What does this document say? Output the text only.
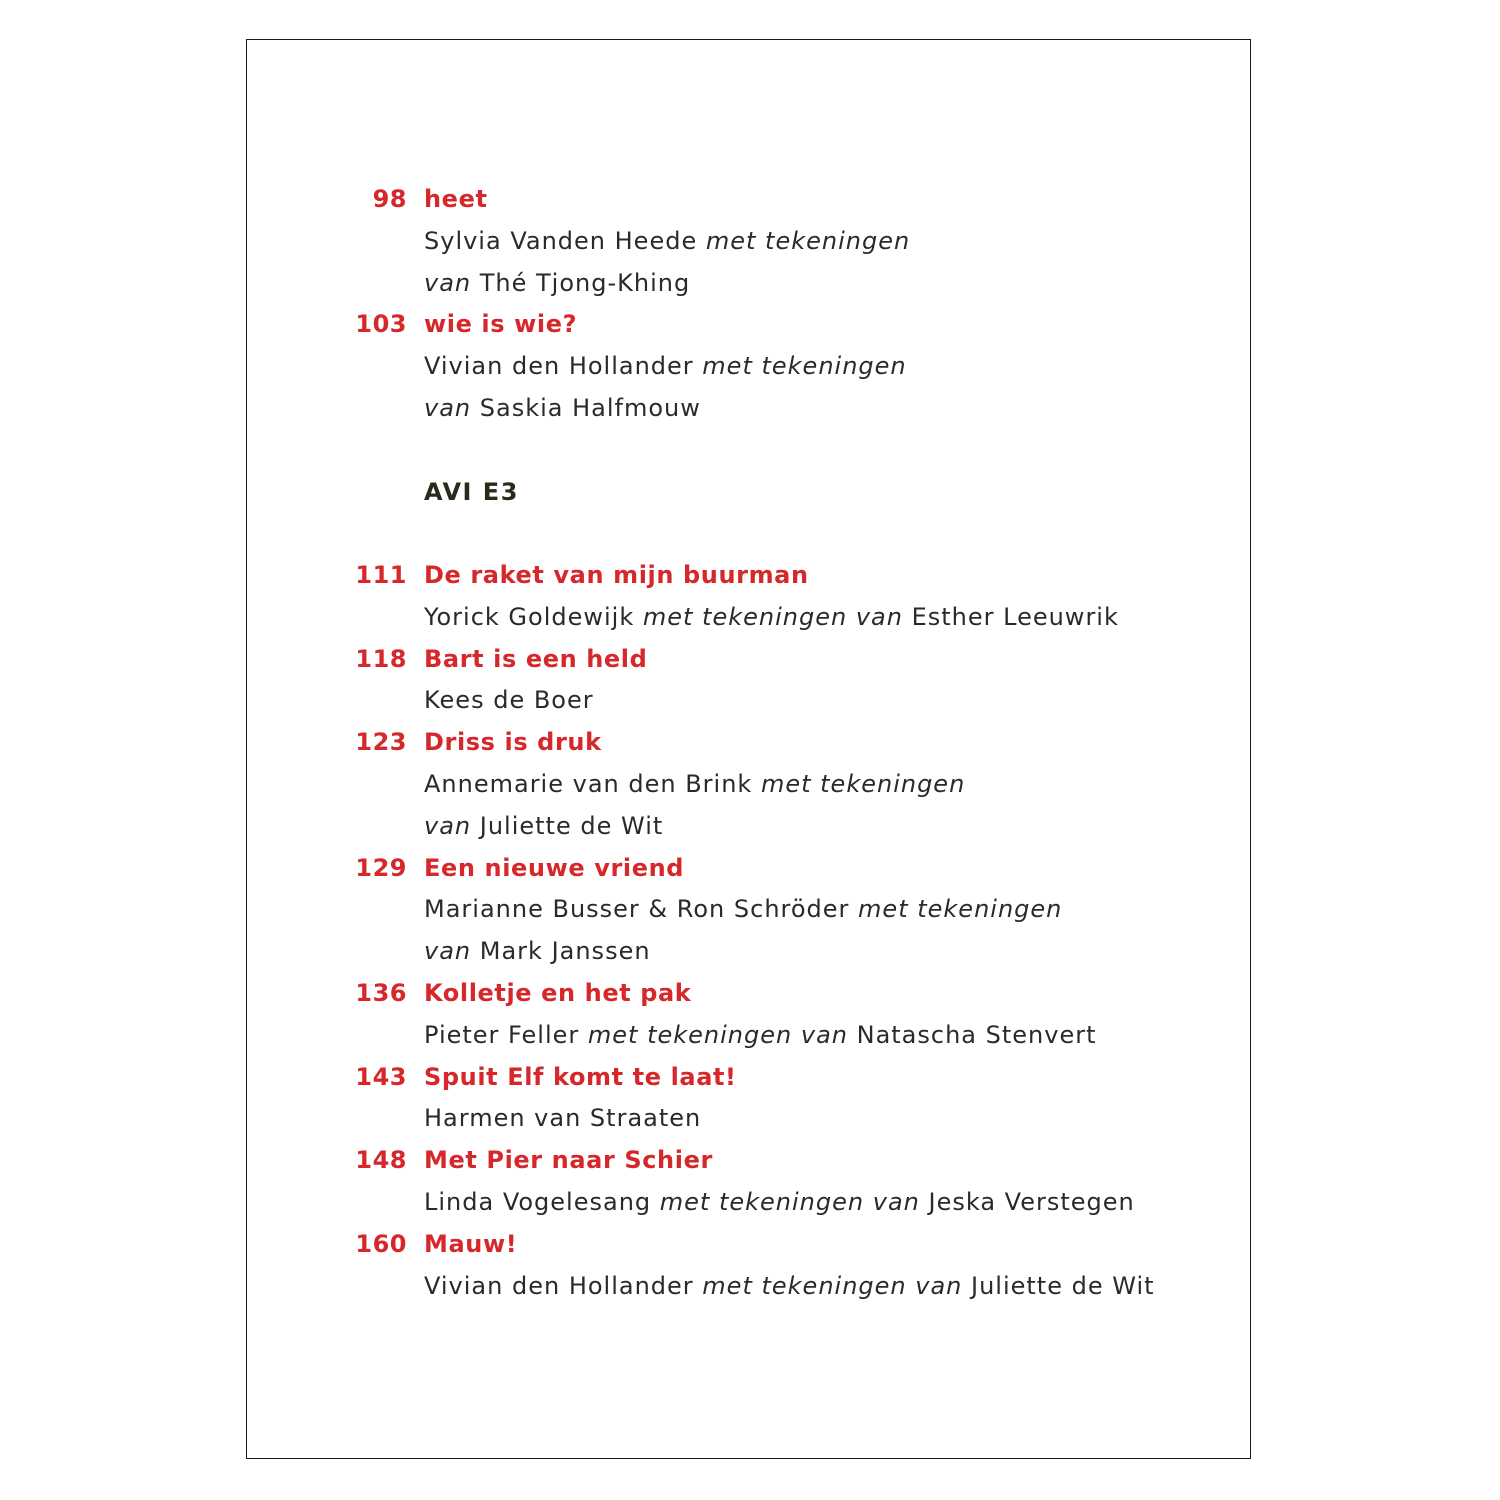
98 heet
Sylvia Vanden Heede met tekeningen
van Thé Tjong-Khing
103 wie is wie?
Vivian den Hollander met tekeningen
van Saskia Halfmouw
AVI E3
111 De raket van mijn buurman
Yorick Goldewijk met tekeningen van Esther Leeuwrik
118 Bart is een held
Kees de Boer
123 Driss is druk
Annemarie van den Brink met tekeningen
van Juliette de Wit
129 Een nieuwe vriend
Marianne Busser & Ron Schröder met tekeningen
van Mark Janssen
136 Kolletje en het pak
Pieter Feller met tekeningen van Natascha Stenvert
143 Spuit Elf komt te laat!
Harmen van Straaten
148 Met Pier naar Schier
Linda Vogelesang met tekeningen van Jeska Verstegen
160 Mauw!
Vivian den Hollander met tekeningen van Juliette de Wit
